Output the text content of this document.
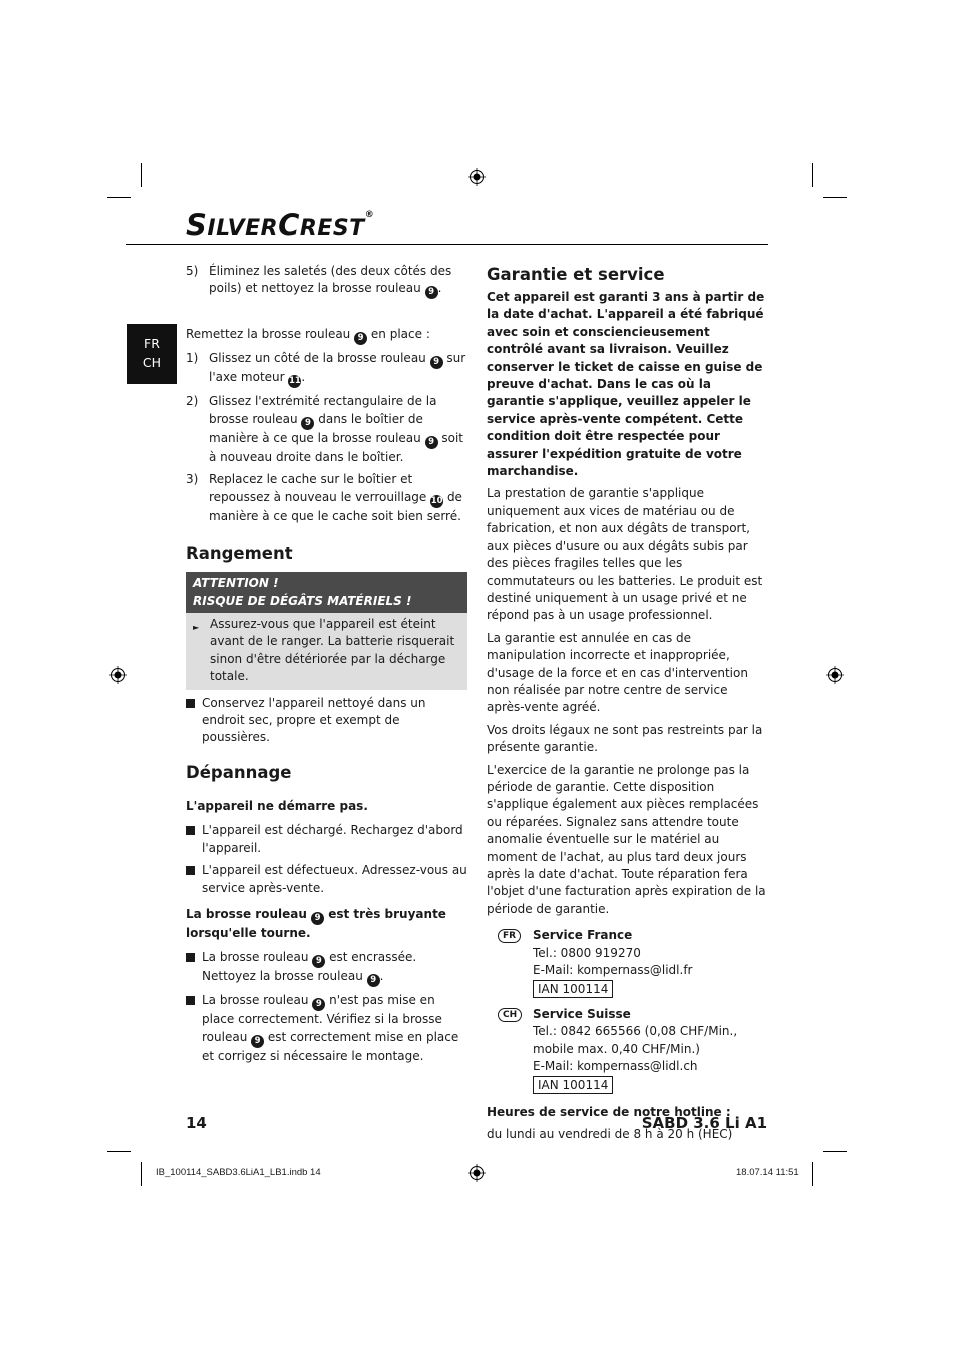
SILVERCREST®
FR
CH

5) Éliminez les saletés (des deux côtés des poils) et nettoyez la brosse rouleau 9 .

Remettez la brosse rouleau 9 en place :

1) Glissez un côté de la brosse rouleau 9 sur l'axe moteur 11.

2) Glissez l'extrémité rectangulaire de la brosse rouleau 9 dans le boîtier de manière à ce que la brosse rouleau 9 soit à nouveau droite dans le boîtier.

3) Replacez le cache sur le boîtier et repoussez à nouveau le verrouillage 10 de manière à ce que le cache soit bien serré.

Rangement

ATTENTION !
RISQUE DE DÉGÂTS MATÉRIELS !
► Assurez-vous que l'appareil est éteint avant de le ranger. La batterie risquerait sinon d'être détériorée par la décharge totale.

Conservez l'appareil nettoyé dans un endroit sec, propre et exempt de poussières.

Dépannage

L'appareil ne démarre pas.

L'appareil est déchargé. Rechargez d'abord l'appareil.

L'appareil est défectueux. Adressez-vous au service après-vente.

La brosse rouleau 9 est très bruyante lorsqu'elle tourne.

La brosse rouleau 9 est encrassée. Nettoyez la brosse rouleau 9 .

La brosse rouleau 9 n'est pas mise en place correctement. Vérifiez si la brosse rouleau 9 est correctement mise en place et corrigez si nécessaire le montage.

Garantie et service

Cet appareil est garanti 3 ans à partir de la date d'achat. L'appareil a été fabriqué avec soin et consciencieusement contrôlé avant sa livraison. Veuillez conserver le ticket de caisse en guise de preuve d'achat. Dans le cas où la garantie s'applique, veuillez appeler le service après-vente compétent. Cette condition doit être respectée pour assurer l'expédition gratuite de votre marchandise.

La prestation de garantie s'applique uniquement aux vices de matériau ou de fabrication, et non aux dégâts de transport, aux pièces d'usure ou aux dégâts subis par des pièces fragiles telles que les commutateurs ou les batteries. Le produit est destiné uniquement à un usage privé et ne répond pas à un usage professionnel.

La garantie est annulée en cas de manipulation incorrecte et inappropriée, d'usage de la force et en cas d'intervention non réalisée par notre centre de service après-vente agréé.

Vos droits légaux ne sont pas restreints par la présente garantie.

L'exercice de la garantie ne prolonge pas la période de garantie. Cette disposition s'applique également aux pièces remplacées ou réparées. Signalez sans attendre toute anomalie éventuelle sur le matériel au moment de l'achat, au plus tard deux jours après la date d'achat. Toute réparation fera l'objet d'une facturation après expiration de la période de garantie.

FR	Service France
Tel.: 0800 919270
E-Mail: kompernass@lidl.fr
IAN 100114
CH	Service Suisse
Tel.: 0842 665566 (0,08 CHF/Min.,
mobile max. 0,40 CHF/Min.)
E-Mail: kompernass@lidl.ch
IAN 100114

Heures de service de notre hotline :

du lundi au vendredi de 8 h à 20 h (HEC)

14	SABD 3.6 Li A1
IB_100114_SABD3.6LiA1_LB1.indb 14	18.07.14 11:51
